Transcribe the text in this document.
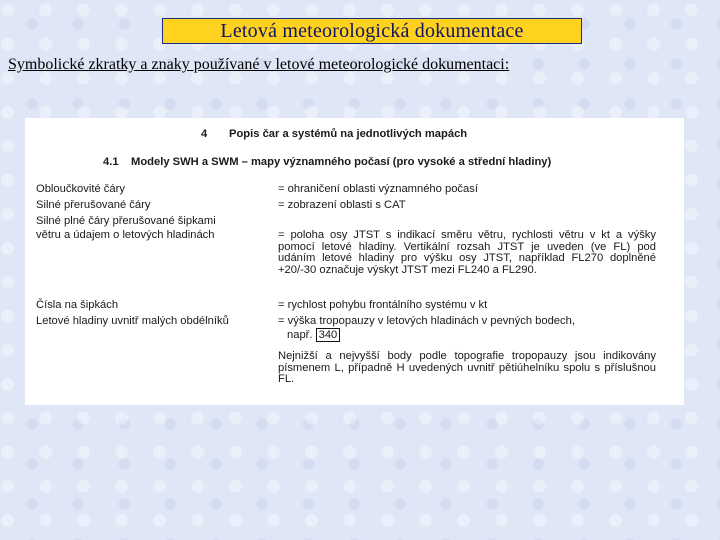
Letová meteorologická dokumentace
Symbolické zkratky a znaky používané v letové meteorologické dokumentaci:
4 Popis čar a systémů na jednotlivých mapách
4.1 Modely SWH a SWM – mapy významného počasí (pro vysoké a střední hladiny)
Obloučkovité čáry
Silné přerušované čáry
Silné plné čáry přerušované šipkami
větru a údajem o letových hladinách
Čísla na šipkách
Letové hladiny uvnitř malých obdélníků
= ohraničení oblasti významného počasí
= zobrazení oblasti s CAT
= poloha osy JTST s indikací směru větru, rychlosti větru v kt a výšky pomocí letové hladiny. Vertikální rozsah JTST je uveden (ve FL) pod udáním letové hladiny pro výšku osy JTST, například FL270 doplněné +20/-30 označuje výskyt JTST mezi FL240 a FL290.
= rychlost pohybu frontálního systému v kt
= výška tropopauzy v letových hladinách v pevných bodech,
např. 340
Nejnižší a nejvyšší body podle topografie tropopauzy jsou indikovány písmenem L, případně H uvedených uvnitř pětiúhelníku spolu s příslušnou FL.
